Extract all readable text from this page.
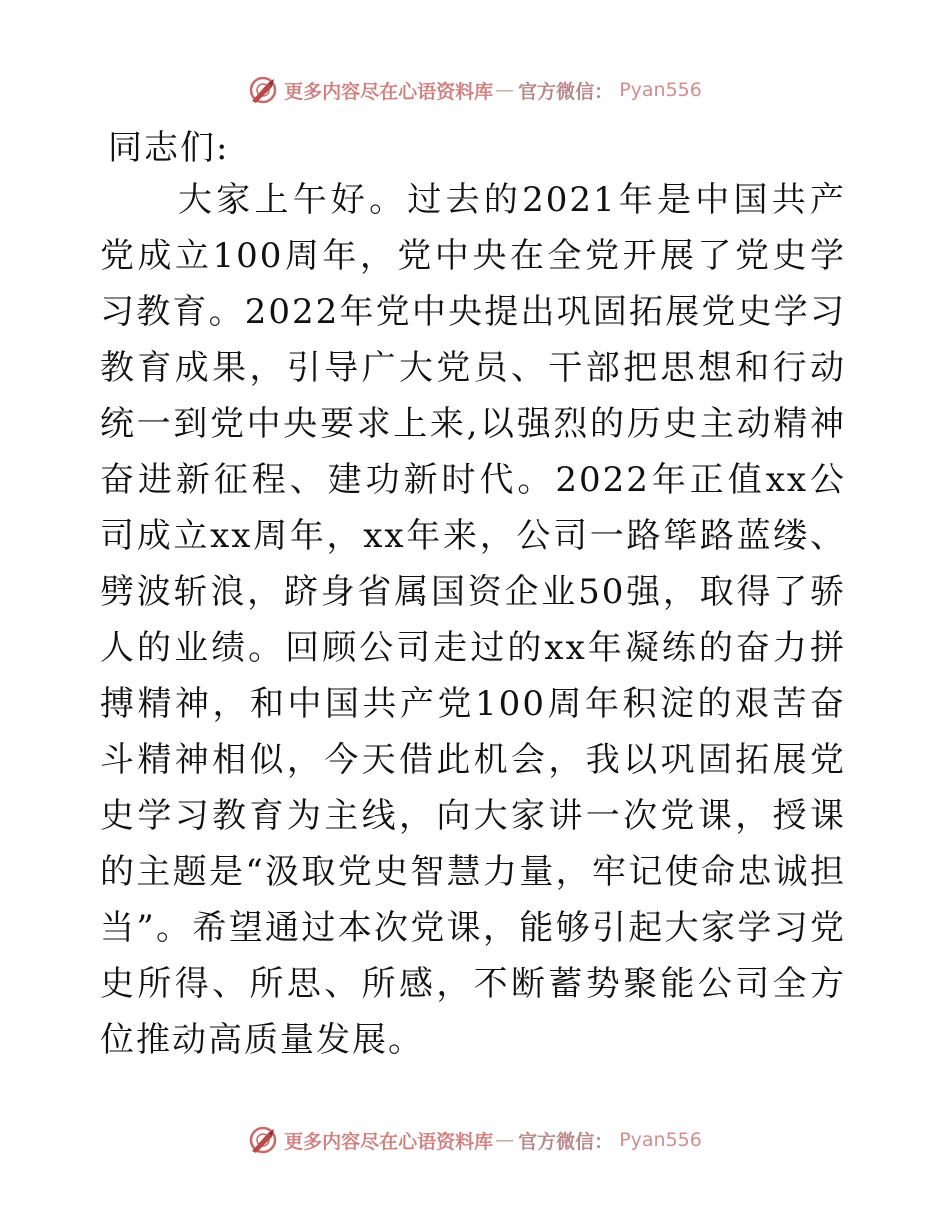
更多内容尽在心语资料库 — 官方微信： Pyan556
同志们:

大家上午好。过去的2021年是中国共产党成立100周年，党中央在全党开展了党史学习教育。2022年党中央提出巩固拓展党史学习教育成果，引导广大党员、干部把思想和行动统一到党中央要求上来,以强烈的历史主动精神奋进新征程、建功新时代。2022年正值xx公司成立xx周年，xx年来，公司一路筚路蓝缕、劈波斩浪，跻身省属国资企业50强，取得了骄人的业绩。回顾公司走过的xx年凝练的奋力拼搏精神，和中国共产党100周年积淀的艰苦奋斗精神相似，今天借此机会，我以巩固拓展党史学习教育为主线，向大家讲一次党课，授课的主题是“汲取党史智慧力量，牢记使命忠诚担当”。希望通过本次党课，能够引起大家学习党史所得、所思、所感，不断蓄势聚能公司全方位推动高质量发展。

更多内容尽在心语资料库 — 官方微信： Pyan556
